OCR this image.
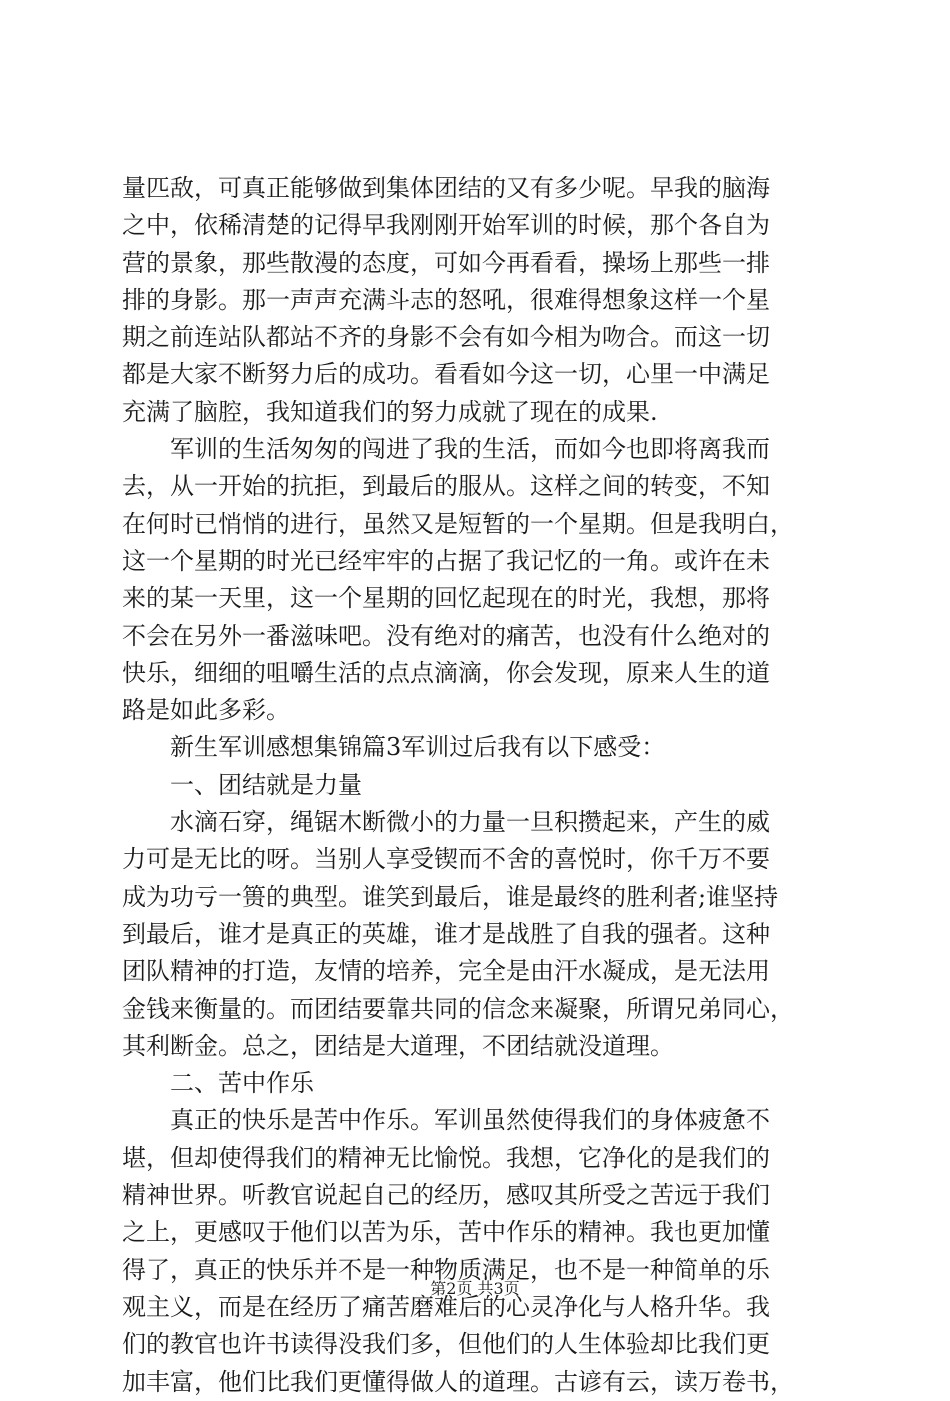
量匹敌，可真正能够做到集体团结的又有多少呢。早我的脑海
之中，依稀清楚的记得早我刚刚开始军训的时候，那个各自为
营的景象，那些散漫的态度，可如今再看看，操场上那些一排
排的身影。那一声声充满斗志的怒吼，很难得想象这样一个星
期之前连站队都站不齐的身影不会有如今相为吻合。而这一切
都是大家不断努力后的成功。看看如今这一切，心里一中满足
充满了脑腔，我知道我们的努力成就了现在的成果.
军训的生活匆匆的闯进了我的生活，而如今也即将离我而
去，从一开始的抗拒，到最后的服从。这样之间的转变，不知
在何时已悄悄的进行，虽然又是短暂的一个星期。但是我明白，
这一个星期的时光已经牢牢的占据了我记忆的一角。或许在未
来的某一天里，这一个星期的回忆起现在的时光，我想，那将
不会在另外一番滋味吧。没有绝对的痛苦，也没有什么绝对的
快乐，细细的咀嚼生活的点点滴滴，你会发现，原来人生的道
路是如此多彩。
新生军训感想集锦篇3军训过后我有以下感受：
一、团结就是力量
水滴石穿，绳锯木断微小的力量一旦积攒起来，产生的威
力可是无比的呀。当别人享受锲而不舍的喜悦时，你千万不要
成为功亏一篑的典型。谁笑到最后，谁是最终的胜利者;谁坚持
到最后，谁才是真正的英雄，谁才是战胜了自我的强者。这种
团队精神的打造，友情的培养，完全是由汗水凝成，是无法用
金钱来衡量的。而团结要靠共同的信念来凝聚，所谓兄弟同心，
其利断金。总之，团结是大道理，不团结就没道理。
二、苦中作乐
真正的快乐是苦中作乐。军训虽然使得我们的身体疲惫不
堪，但却使得我们的精神无比愉悦。我想，它净化的是我们的
精神世界。听教官说起自己的经历，感叹其所受之苦远于我们
之上，更感叹于他们以苦为乐，苦中作乐的精神。我也更加懂
得了，真正的快乐并不是一种物质满足，也不是一种简单的乐
观主义，而是在经历了痛苦磨难后的心灵净化与人格升华。我
们的教官也许书读得没我们多，但他们的人生体验却比我们更
加丰富，他们比我们更懂得做人的道理。古谚有云，读万卷书，
第2页 共3页
